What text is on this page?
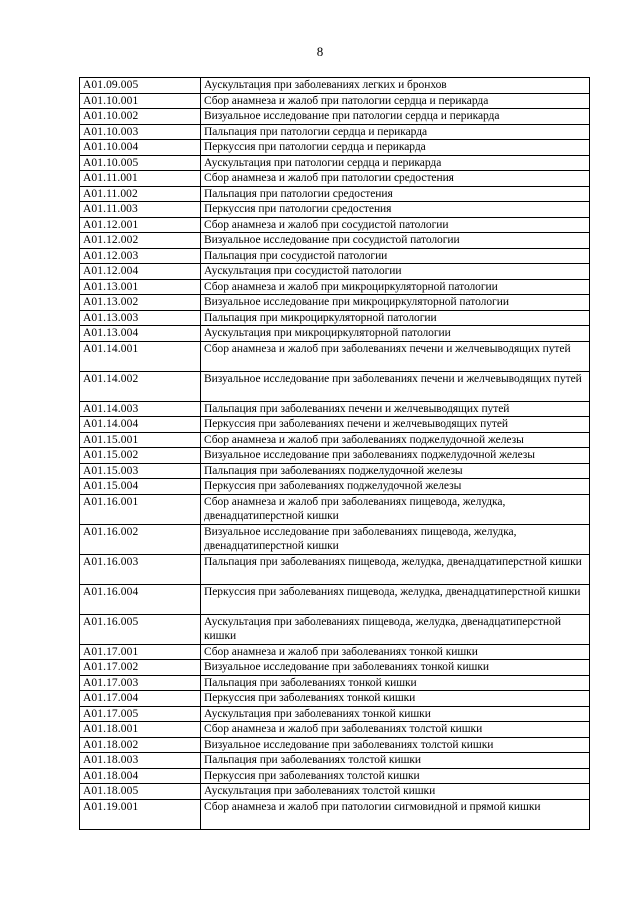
8
A01.09.005	Аускультация при заболеваниях легких и бронхов
A01.10.001	Сбор анамнеза и жалоб при патологии сердца и перикарда
A01.10.002	Визуальное исследование при патологии сердца и перикарда
A01.10.003	Пальпация при патологии сердца и перикарда
A01.10.004	Перкуссия при патологии сердца и перикарда
A01.10.005	Аускультация при патологии сердца и перикарда
A01.11.001	Сбор анамнеза и жалоб при патологии средостения
A01.11.002	Пальпация при патологии средостения
A01.11.003	Перкуссия при патологии средостения
A01.12.001	Сбор анамнеза и жалоб при сосудистой патологии
A01.12.002	Визуальное исследование при сосудистой патологии
A01.12.003	Пальпация при сосудистой патологии
A01.12.004	Аускультация при сосудистой патологии
A01.13.001	Сбор анамнеза и жалоб при микроциркуляторной патологии
A01.13.002	Визуальное исследование при микроциркуляторной патологии
A01.13.003	Пальпация при микроциркуляторной патологии
A01.13.004	Аускультация при микроциркуляторной патологии
A01.14.001	Сбор анамнеза и жалоб при заболеваниях печени и желчевыводящих путей
A01.14.002	Визуальное исследование при заболеваниях печени и желчевыводящих путей
A01.14.003	Пальпация при заболеваниях печени и желчевыводящих путей
A01.14.004	Перкуссия при заболеваниях печени и желчевыводящих путей
A01.15.001	Сбор анамнеза и жалоб при заболеваниях поджелудочной железы
A01.15.002	Визуальное исследование при заболеваниях поджелудочной железы
A01.15.003	Пальпация при заболеваниях поджелудочной железы
A01.15.004	Перкуссия при заболеваниях поджелудочной железы
A01.16.001	Сбор анамнеза и жалоб при заболеваниях пищевода, желудка, двенадцатиперстной кишки
A01.16.002	Визуальное исследование при заболеваниях пищевода, желудка, двенадцатиперстной кишки
A01.16.003	Пальпация при заболеваниях пищевода, желудка, двенадцатиперстной кишки
A01.16.004	Перкуссия при заболеваниях пищевода, желудка, двенадцатиперстной кишки
A01.16.005	Аускультация при заболеваниях пищевода, желудка, двенадцатиперстной кишки
A01.17.001	Сбор анамнеза и жалоб при заболеваниях тонкой кишки
A01.17.002	Визуальное исследование при заболеваниях тонкой кишки
A01.17.003	Пальпация при заболеваниях тонкой кишки
A01.17.004	Перкуссия при заболеваниях тонкой кишки
A01.17.005	Аускультация при заболеваниях тонкой кишки
A01.18.001	Сбор анамнеза и жалоб при заболеваниях толстой кишки
A01.18.002	Визуальное исследование при заболеваниях толстой кишки
A01.18.003	Пальпация при заболеваниях толстой кишки
A01.18.004	Перкуссия при заболеваниях толстой кишки
A01.18.005	Аускультация при заболеваниях толстой кишки
A01.19.001	Сбор анамнеза и жалоб при патологии сигмовидной и прямой кишки
